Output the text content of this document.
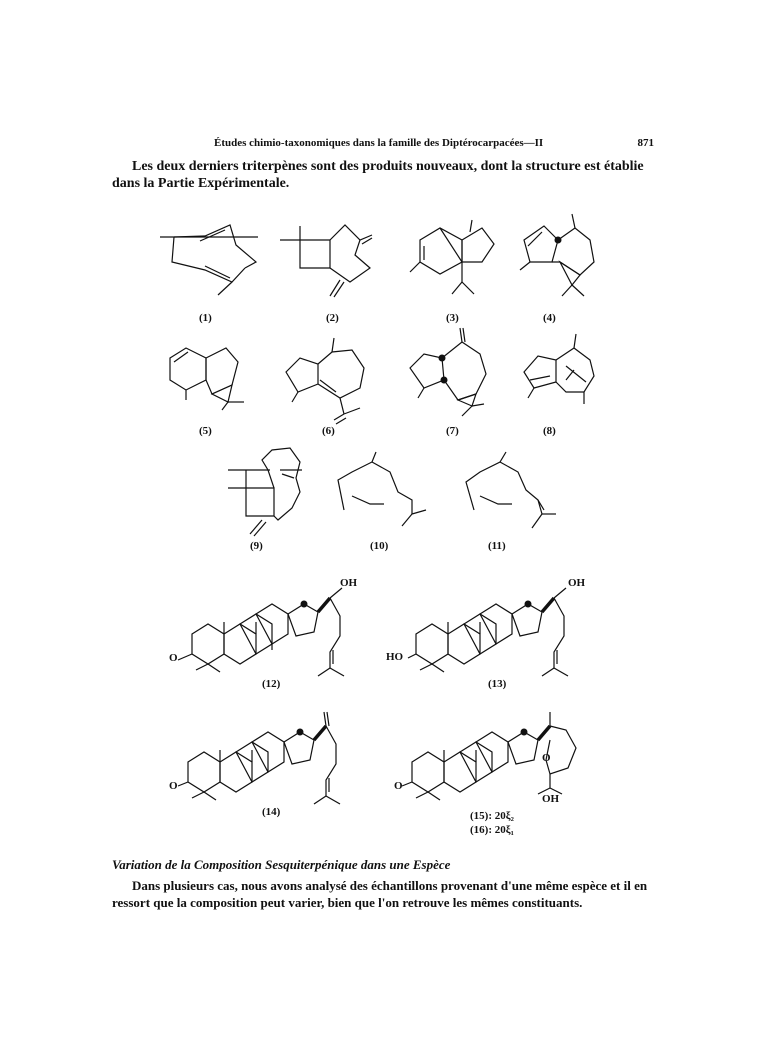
Études chimio-taxonomiques dans la famille des Diptérocarpacées—II	871
Les deux derniers triterpènes sont des produits nouveaux, dont la structure est établie dans la Partie Expérimentale.
(1)	(2)	(3)	(4)
(5)	(6)	(7)	(8)
(9)	(10)	(11)
(12)	(13)
(14)	(15): 20ξ₂
(16): 20ξ₁
OH	OH
O	HO
O	O
O
OH
Variation de la Composition Sesquiterpénique dans une Espèce
Dans plusieurs cas, nous avons analysé des échantillons provenant d'une même espèce et il en ressort que la composition peut varier, bien que l'on retrouve les mêmes constituants.
